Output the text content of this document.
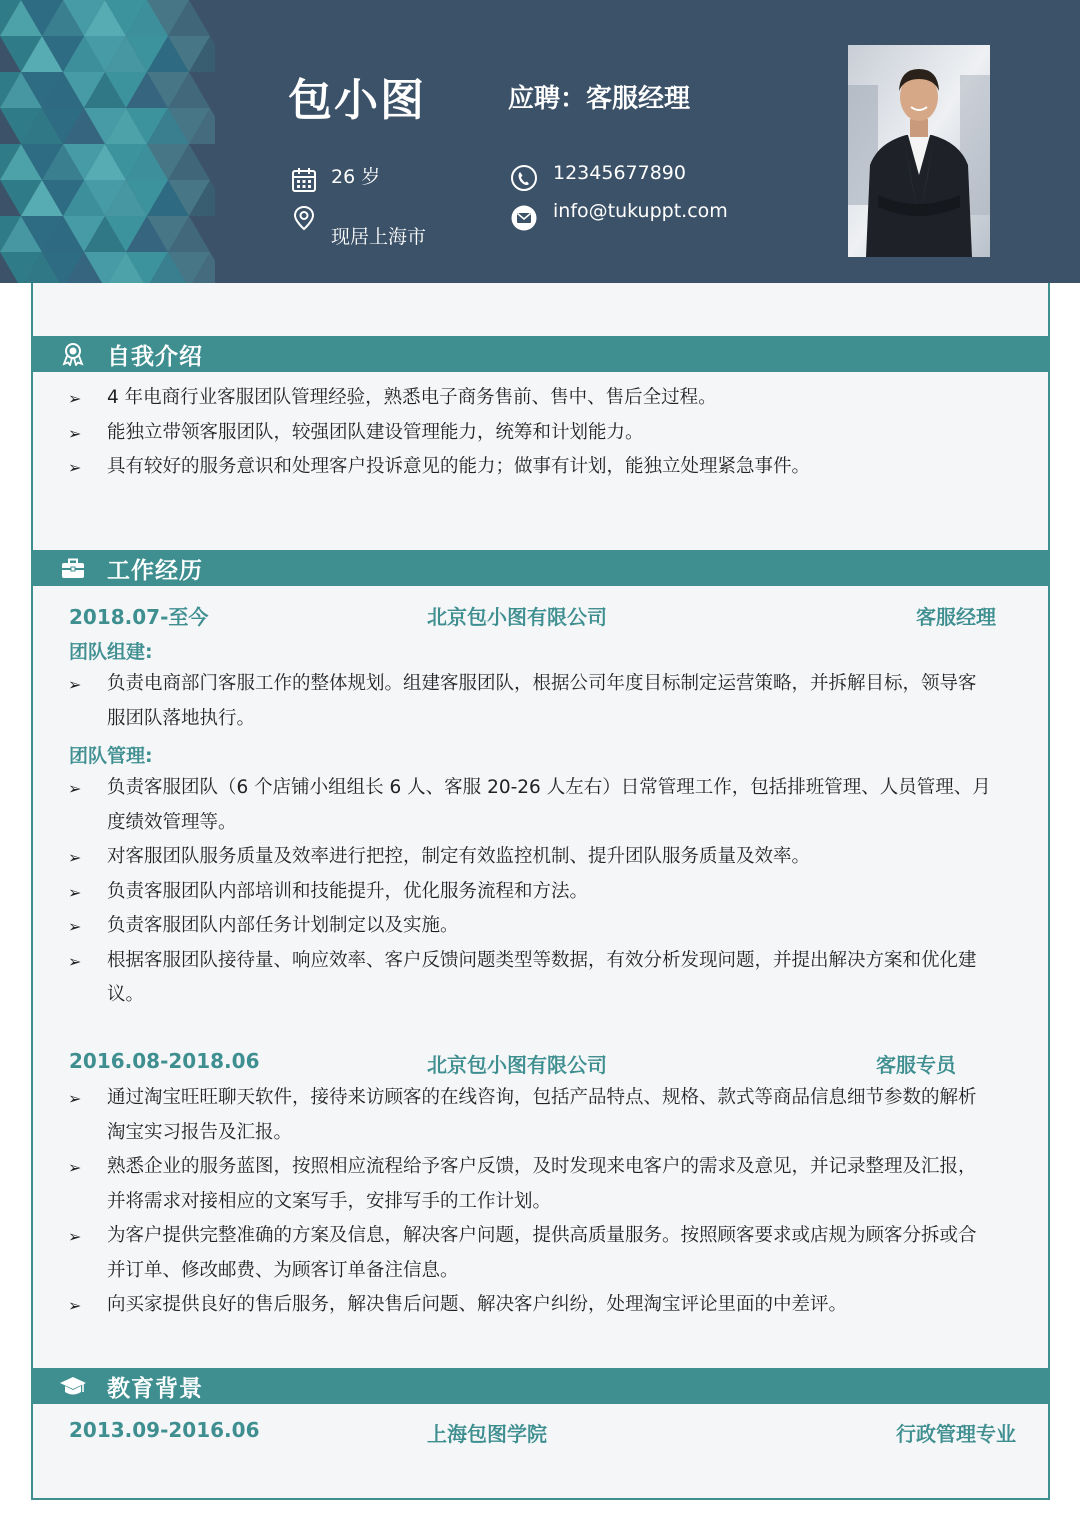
包小图	应聘：客服经理
26 岁
现居上海市
12345677890
info@tukuppt.com
自我介绍
➢ 4 年电商行业客服团队管理经验，熟悉电子商务售前、售中、售后全过程。
➢ 能独立带领客服团队，较强团队建设管理能力，统筹和计划能力。
➢ 具有较好的服务意识和处理客户投诉意见的能力；做事有计划，能独立处理紧急事件。
工作经历
2018.07-至今	北京包小图有限公司	客服经理
团队组建:
➢ 负责电商部门客服工作的整体规划。组建客服团队，根据公司年度目标制定运营策略，并拆解目标，领导客
服团队落地执行。
团队管理:
➢ 负责客服团队（6 个店铺小组组长 6 人、客服 20-26 人左右）日常管理工作，包括排班管理、人员管理、月
度绩效管理等。
➢ 对客服团队服务质量及效率进行把控，制定有效监控机制、提升团队服务质量及效率。
➢ 负责客服团队内部培训和技能提升，优化服务流程和方法。
➢ 负责客服团队内部任务计划制定以及实施。
➢ 根据客服团队接待量、响应效率、客户反馈问题类型等数据，有效分析发现问题，并提出解决方案和优化建
议。
2016.08-2018.06	北京包小图有限公司	客服专员
➢ 通过淘宝旺旺聊天软件，接待来访顾客的在线咨询，包括产品特点、规格、款式等商品信息细节参数的解析
淘宝实习报告及汇报。
➢ 熟悉企业的服务蓝图，按照相应流程给予客户反馈，及时发现来电客户的需求及意见，并记录整理及汇报，
并将需求对接相应的文案写手，安排写手的工作计划。
➢ 为客户提供完整准确的方案及信息，解决客户问题，提供高质量服务。按照顾客要求或店规为顾客分拆或合
并订单、修改邮费、为顾客订单备注信息。
➢ 向买家提供良好的售后服务，解决售后问题、解决客户纠纷，处理淘宝评论里面的中差评。
教育背景
2013.09-2016.06	上海包图学院	行政管理专业
